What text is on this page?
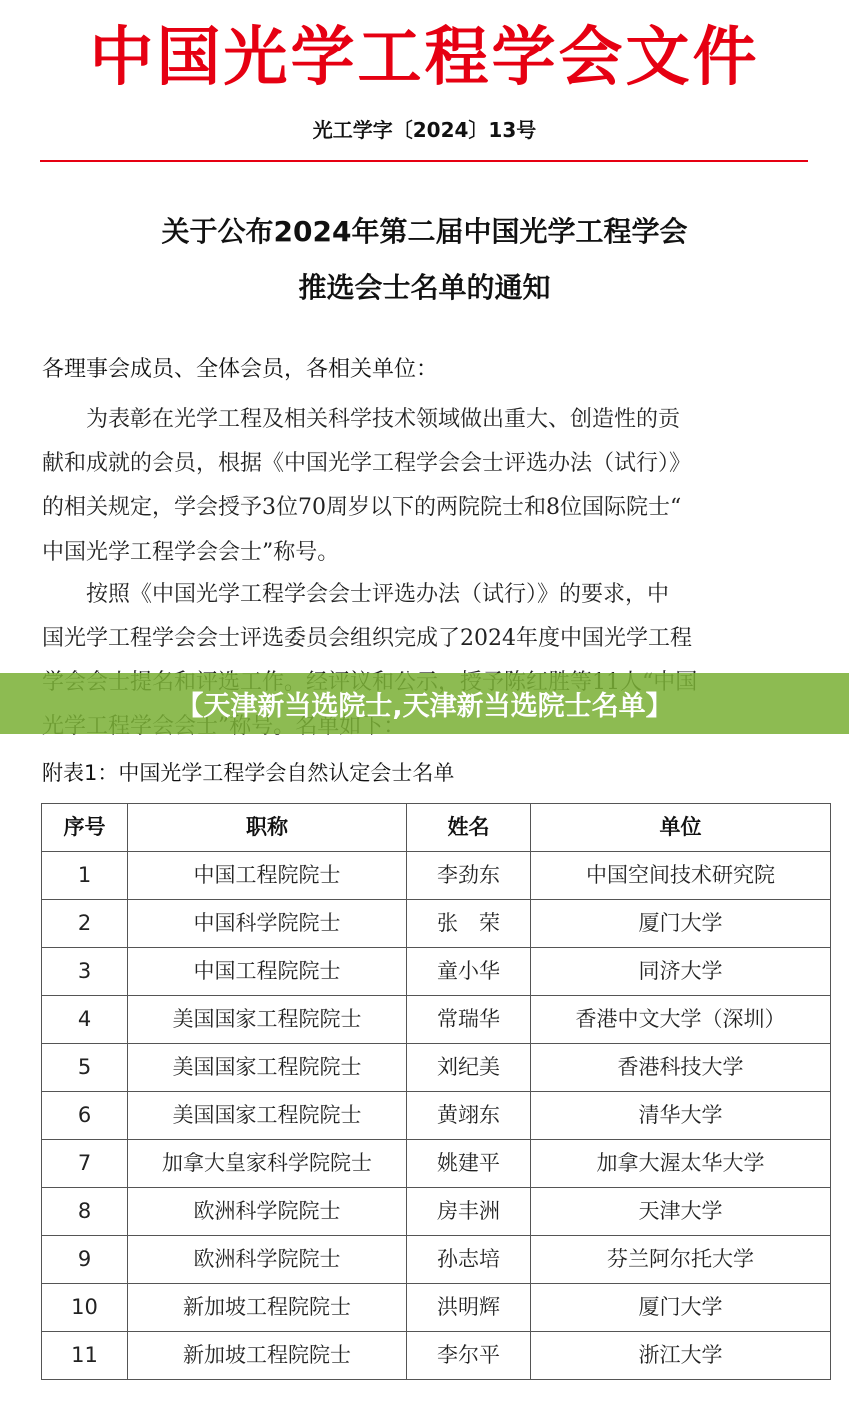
中国光学工程学会文件
光工学字〔2024〕13号
关于公布2024年第二届中国光学工程学会
推选会士名单的通知
各理事会成员、全体会员，各相关单位：
　　为表彰在光学工程及相关科学技术领域做出重大、创造性的贡
献和成就的会员，根据《中国光学工程学会会士评选办法（试行）》
的相关规定，学会授予3位70周岁以下的两院院士和8位国际院士“
中国光学工程学会会士”称号。
　　按照《中国光学工程学会会士评选办法（试行）》的要求，中
国光学工程学会会士评选委员会组织完成了2024年度中国光学工程
【天津新当选院士,天津新当选院士名单】
附表1：中国光学工程学会自然认定会士名单
序号	职称	姓名	单位
1	中国工程院院士	李劲东	中国空间技术研究院
2	中国科学院院士	张　荣	厦门大学
3	中国工程院院士	童小华	同济大学
4	美国国家工程院院士	常瑞华	香港中文大学（深圳）
5	美国国家工程院院士	刘纪美	香港科技大学
6	美国国家工程院院士	黄翊东	清华大学
7	加拿大皇家科学院院士	姚建平	加拿大渥太华大学
8	欧洲科学院院士	房丰洲	天津大学
9	欧洲科学院院士	孙志培	芬兰阿尔托大学
10	新加坡工程院院士	洪明辉	厦门大学
11	新加坡工程院院士	李尔平	浙江大学
